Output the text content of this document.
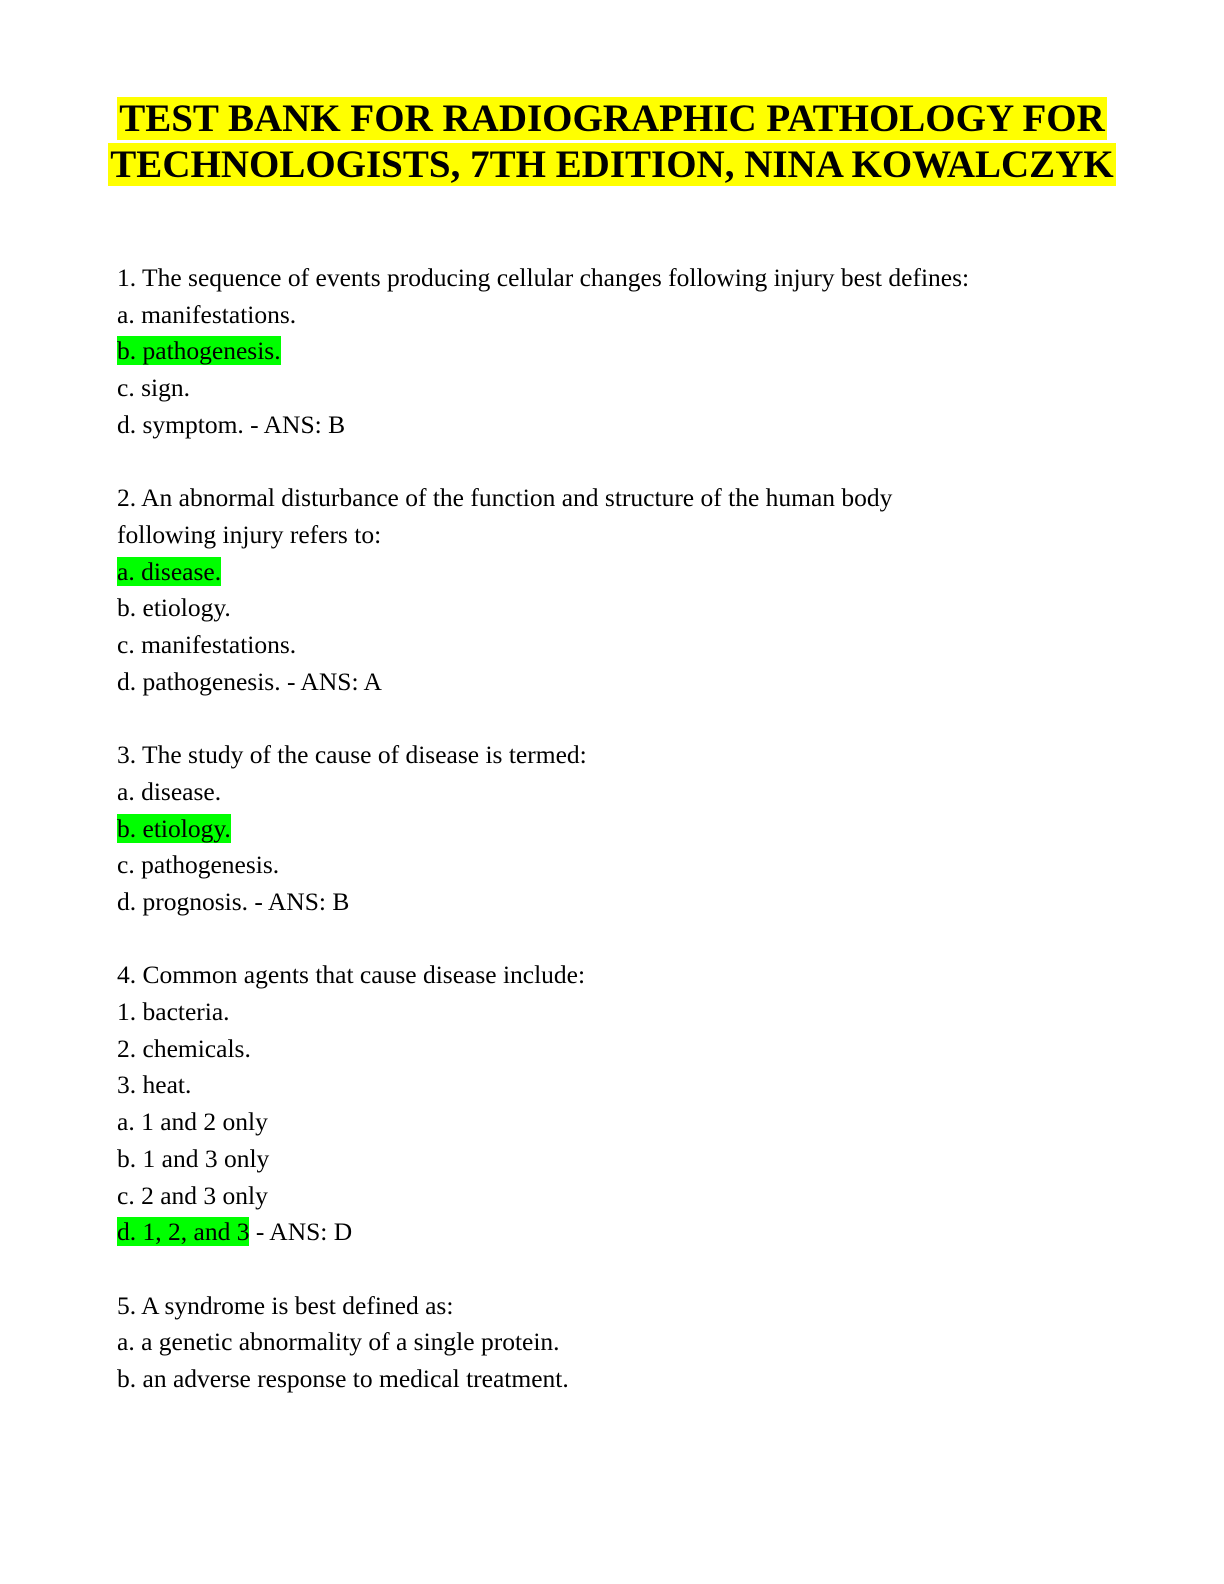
TEST BANK FOR RADIOGRAPHIC PATHOLOGY FOR TECHNOLOGISTS, 7TH EDITION, NINA KOWALCZYK
1. The sequence of events producing cellular changes following injury best defines:
a. manifestations.
b. pathogenesis.
c. sign.
d. symptom. - ANS: B
2. An abnormal disturbance of the function and structure of the human body following injury refers to:
a. disease.
b. etiology.
c. manifestations.
d. pathogenesis. - ANS: A
3. The study of the cause of disease is termed:
a. disease.
b. etiology.
c. pathogenesis.
d. prognosis. - ANS: B
4. Common agents that cause disease include:
1. bacteria.
2. chemicals.
3. heat.
a. 1 and 2 only
b. 1 and 3 only
c. 2 and 3 only
d. 1, 2, and 3 - ANS: D
5. A syndrome is best defined as:
a. a genetic abnormality of a single protein.
b. an adverse response to medical treatment.
